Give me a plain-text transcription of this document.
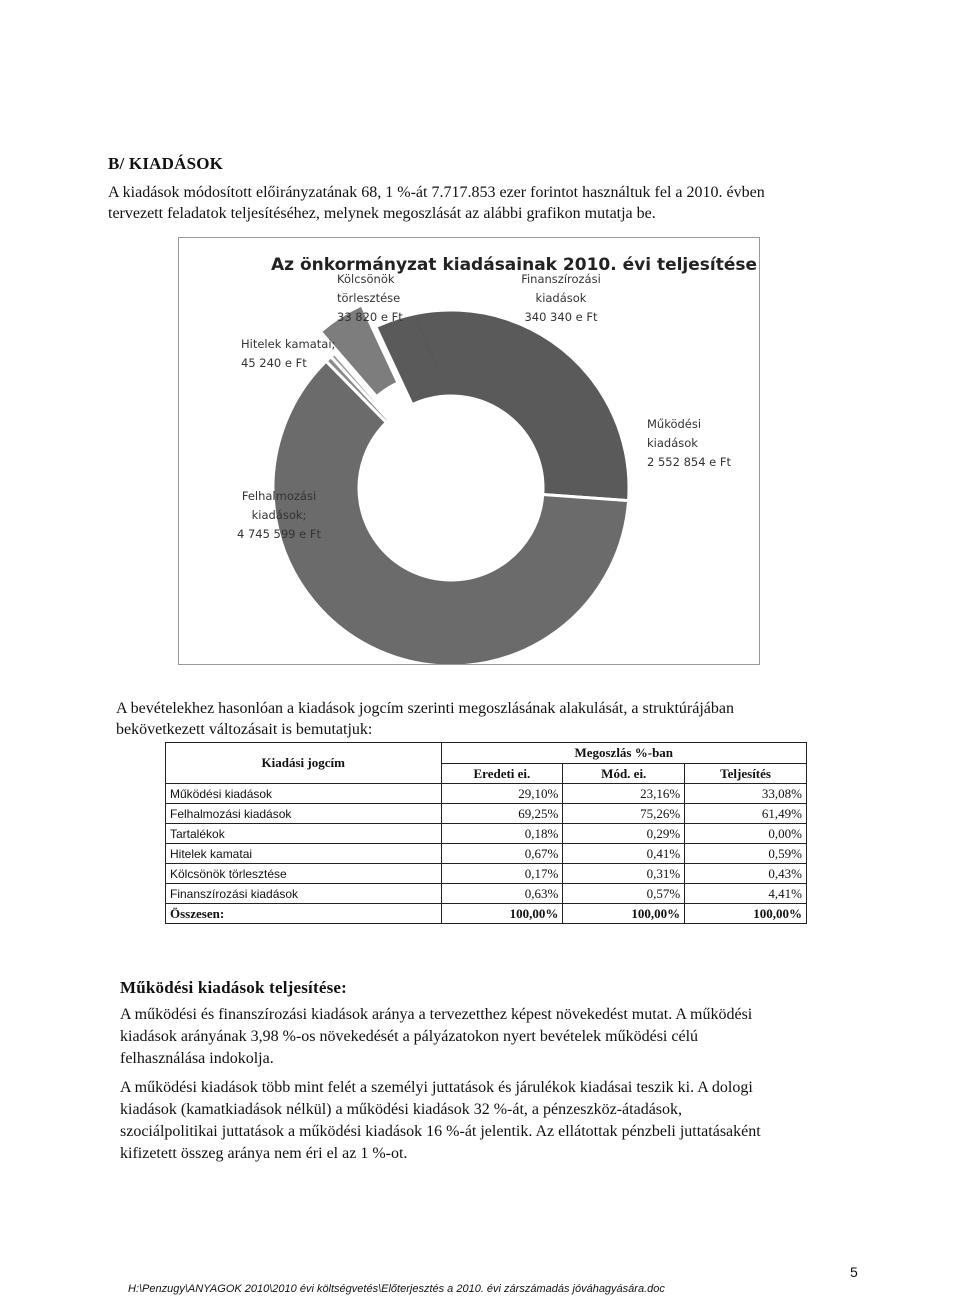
B/ KIADÁSOK
A kiadások módosított előirányzatának 68, 1 %-át 7.717.853 ezer forintot használtuk fel a 2010. évben
tervezett feladatok teljesítéséhez, melynek megoszlását az alábbi grafikon mutatja be.
Az önkormányzat kiadásainak 2010. évi teljesítése
Működési kiadások 2 552 854 e Ft
Felhalmozási kiadások; 4 745 599 e Ft
Hitelek kamatai; 45 240 e Ft
Kölcsönök törlesztése 33 820 e Ft
Finanszírozási kiadások 340 340 e Ft
A bevételekhez hasonlóan a kiadások jogcím szerinti megoszlásának alakulását, a struktúrájában
bekövetkezett változásait is bemutatjuk:
Kiadási jogcím	Megoszlás %-ban		
	Eredeti ei.	Mód. ei.	Teljesítés
Működési kiadások	29,10%	23,16%	33,08%
Felhalmozási kiadások	69,25%	75,26%	61,49%
Tartalékok	0,18%	0,29%	0,00%
Hitelek kamatai	0,67%	0,41%	0,59%
Kölcsönök törlesztése	0,17%	0,31%	0,43%
Finanszírozási kiadások	0,63%	0,57%	4,41%
Összesen:	100,00%	100,00%	100,00%
Működési kiadások teljesítése:
A működési és finanszírozási kiadások aránya a tervezetthez képest növekedést mutat. A működési
kiadások arányának 3,98 %-os növekedését a pályázatokon nyert bevételek működési célú
felhasználása indokolja.
A működési kiadások több mint felét a személyi juttatások és járulékok kiadásai teszik ki. A dologi
kiadások (kamatkiadások nélkül) a működési kiadások 32 %-át, a pénzeszköz-átadások,
szociálpolitikai juttatások a működési kiadások 16 %-át jelentik. Az ellátottak pénzbeli juttatásaként
kifizetett összeg aránya nem éri el az 1 %-ot.
5
H:\Penzugy\ANYAGOK 2010\2010 évi költségvetés\Előterjesztés a 2010. évi zárszámadás jóváhagyására.doc
